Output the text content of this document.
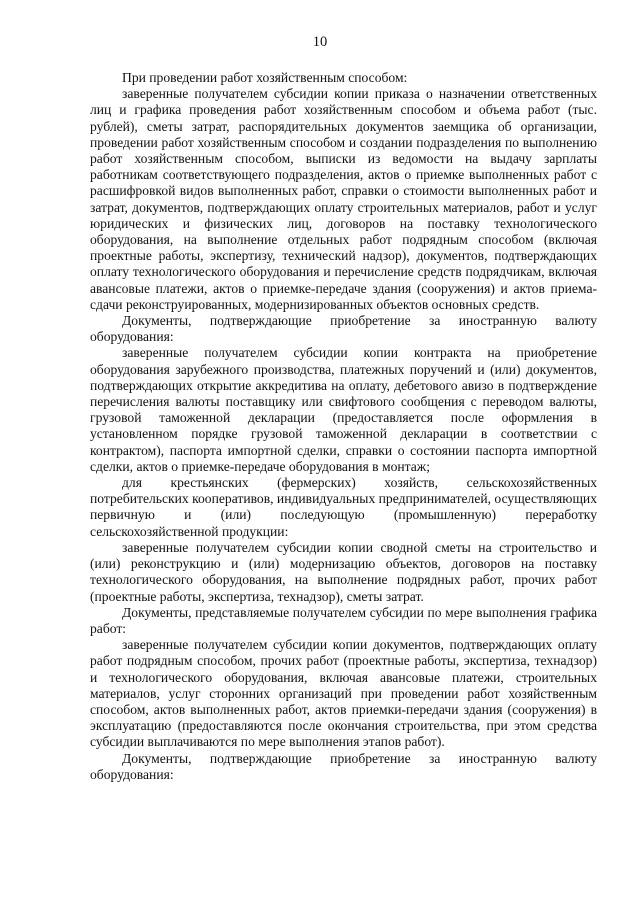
10

При проведении работ хозяйственным способом:

заверенные получателем субсидии копии приказа о назначении ответственных лиц и графика проведения работ хозяйственным способом и объема работ (тыс. рублей), сметы затрат, распорядительных документов заемщика об организации, проведении работ хозяйственным способом и создании подразделения по выполнению работ хозяйственным способом, выписки из ведомости на выдачу зарплаты работникам соответствующего подразделения, актов о приемке выполненных работ с расшифровкой видов выполненных работ, справки о стоимости выполненных работ и затрат, документов, подтверждающих оплату строительных материалов, работ и услуг юридических и физических лиц, договоров на поставку технологического оборудования, на выполнение отдельных работ подрядным способом (включая проектные работы, экспертизу, технический надзор), документов, подтверждающих оплату технологического оборудования и перечисление средств подрядчикам, включая авансовые платежи, актов о приемке-передаче здания (сооружения) и актов приема-сдачи реконструированных, модернизированных объектов основных средств.

Документы, подтверждающие приобретение за иностранную валюту оборудования:

заверенные получателем субсидии копии контракта на приобретение оборудования зарубежного производства, платежных поручений и (или) документов, подтверждающих открытие аккредитива на оплату, дебетового авизо в подтверждение перечисления валюты поставщику или свифтового сообщения с переводом валюты, грузовой таможенной декларации (предоставляется после оформления в установленном порядке грузовой таможенной декларации в соответствии с контрактом), паспорта импортной сделки, справки о состоянии паспорта импортной сделки, актов о приемке-передаче оборудования в монтаж;

для крестьянских (фермерских) хозяйств, сельскохозяйственных потребительских кооперативов, индивидуальных предпринимателей, осуществляющих первичную и (или) последующую (промышленную) переработку сельскохозяйственной продукции:

заверенные получателем субсидии копии сводной сметы на строительство и (или) реконструкцию и (или) модернизацию объектов, договоров на поставку технологического оборудования, на выполнение подрядных работ, прочих работ (проектные работы, экспертиза, технадзор), сметы затрат.

Документы, представляемые получателем субсидии по мере выполнения графика работ:

заверенные получателем субсидии копии документов, подтверждающих оплату работ подрядным способом, прочих работ (проектные работы, экспертиза, технадзор) и технологического оборудования, включая авансовые платежи, строительных материалов, услуг сторонних организаций при проведении работ хозяйственным способом, актов выполненных работ, актов приемки-передачи здания (сооружения) в эксплуатацию (предоставляются после окончания строительства, при этом средства субсидии выплачиваются по мере выполнения этапов работ).

Документы, подтверждающие приобретение за иностранную валюту оборудования:
